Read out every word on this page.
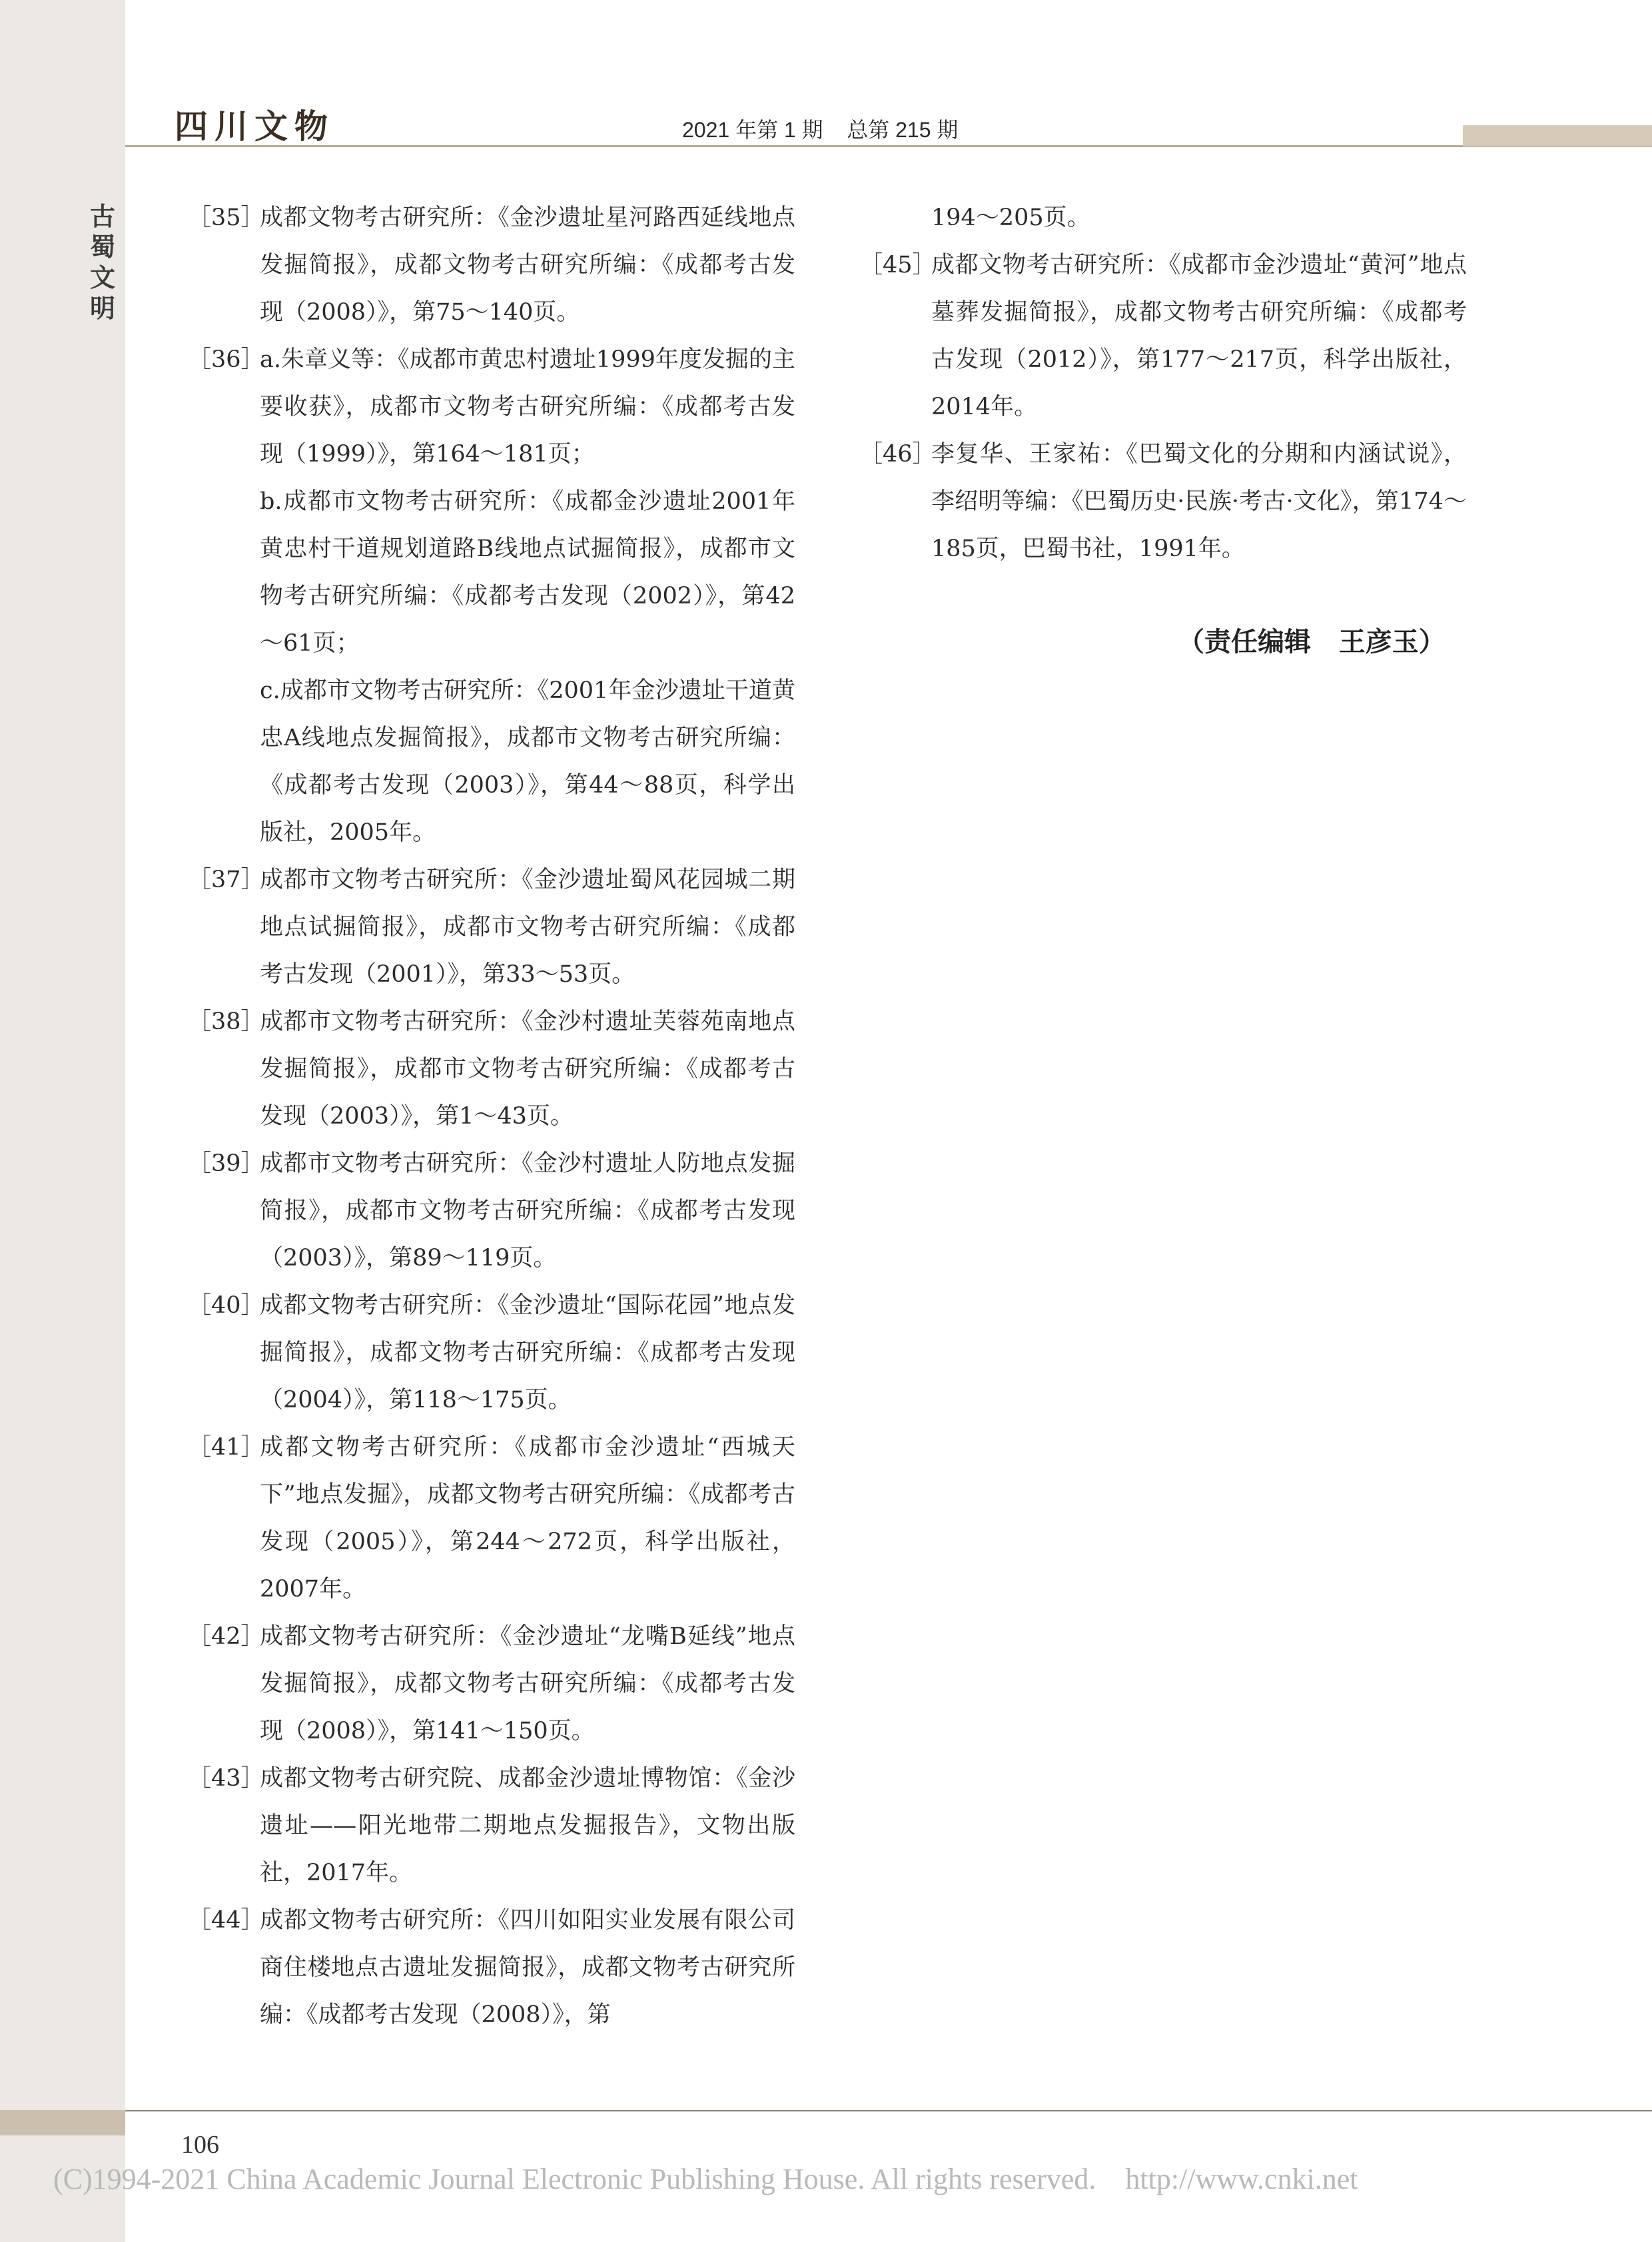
古蜀文明
四川文物	2021 年第 1 期    总第 215 期
［35］
成都文物考古研究所：《金沙遗址星河路西延线地点发掘简报》，成都文物考古研究所编：《成都考古发现（2008）》，第75～140页。
［36］
a.朱章义等：《成都市黄忠村遗址1999年度发掘的主要收获》，成都市文物考古研究所编：《成都考古发现（1999）》，第164～181页；
b.成都市文物考古研究所：《成都金沙遗址2001年黄忠村干道规划道路B线地点试掘简报》，成都市文物考古研究所编：《成都考古发现（2002）》，第42～61页；
c.成都市文物考古研究所：《2001年金沙遗址干道黄忠A线地点发掘简报》，成都市文物考古研究所编：《成都考古发现（2003）》，第44～88页，科学出版社，2005年。
［37］
成都市文物考古研究所：《金沙遗址蜀风花园城二期地点试掘简报》，成都市文物考古研究所编：《成都考古发现（2001）》，第33～53页。
［38］
成都市文物考古研究所：《金沙村遗址芙蓉苑南地点发掘简报》，成都市文物考古研究所编：《成都考古发现（2003）》，第1～43页。
［39］
成都市文物考古研究所：《金沙村遗址人防地点发掘简报》，成都市文物考古研究所编：《成都考古发现（2003）》，第89～119页。
［40］
成都文物考古研究所：《金沙遗址“国际花园”地点发掘简报》，成都文物考古研究所编：《成都考古发现（2004）》，第118～175页。
［41］
成都文物考古研究所：《成都市金沙遗址“西城天下”地点发掘》，成都文物考古研究所编：《成都考古发现（2005）》，第244～272页，科学出版社，2007年。
［42］
成都文物考古研究所：《金沙遗址“龙嘴B延线”地点发掘简报》，成都文物考古研究所编：《成都考古发现（2008）》，第141～150页。
［43］
成都文物考古研究院、成都金沙遗址博物馆：《金沙遗址——阳光地带二期地点发掘报告》，文物出版社，2017年。
［44］
成都文物考古研究所：《四川如阳实业发展有限公司商住楼地点古遗址发掘简报》，成都文物考古研究所编：《成都考古发现（2008）》，第
194～205页。
［45］
成都文物考古研究所：《成都市金沙遗址“黄河”地点墓葬发掘简报》，成都文物考古研究所编：《成都考古发现（2012）》，第177～217页，科学出版社，2014年。
［46］
李复华、王家祐：《巴蜀文化的分期和内涵试说》，李绍明等编：《巴蜀历史·民族·考古·文化》，第174～185页，巴蜀书社，1991年。
（责任编辑   王彦玉）
106
(C)1994-2021 China Academic Journal Electronic Publishing House. All rights reserved.    http://www.cnki.net
